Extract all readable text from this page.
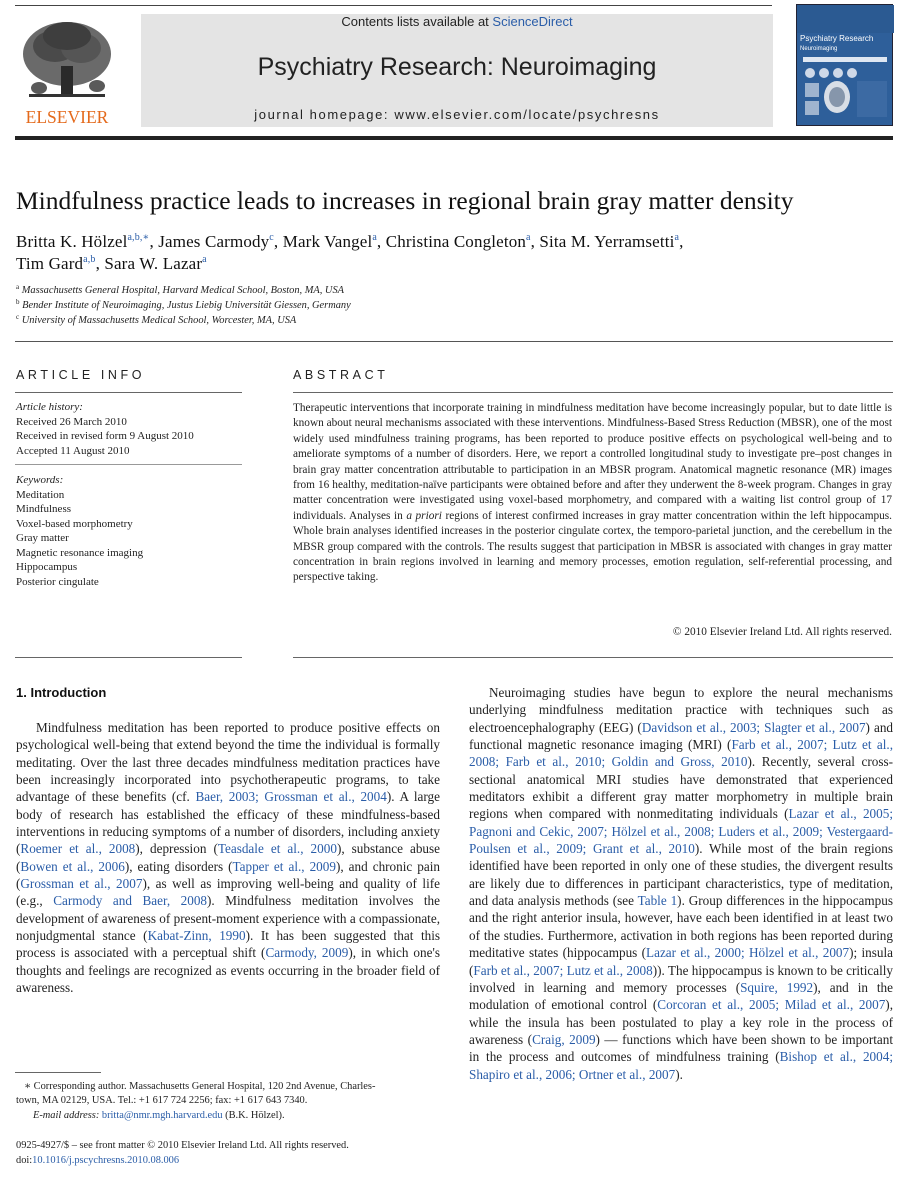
ELSEVIER
Contents lists available at ScienceDirect
Psychiatry Research: Neuroimaging
journal homepage: www.elsevier.com/locate/psychresns
Psychiatry Research
Neuroimaging
Mindfulness practice leads to increases in regional brain gray matter density
Britta K. Hölzel$^{a,b,∗}$, James Carmody$^c$, Mark Vangel$^a$, Christina Congleton$^a$, Sita M. Yerramsetti$^a$,
Tim Gard$^{a,b}$, Sara W. Lazar$^a$
$^a$ Massachusetts General Hospital, Harvard Medical School, Boston, MA, USA
$^b$ Bender Institute of Neuroimaging, Justus Liebig Universität Giessen, Germany
$^c$ University of Massachusetts Medical School, Worcester, MA, USA
ARTICLE INFO
Article history:
Received 26 March 2010
Received in revised form 9 August 2010
Accepted 11 August 2010
Keywords:
Meditation
Mindfulness
Voxel-based morphometry
Gray matter
Magnetic resonance imaging
Hippocampus
Posterior cingulate
ABSTRACT
Therapeutic interventions that incorporate training in mindfulness meditation have become increasingly popular, but to date little is known about neural mechanisms associated with these interventions. Mindfulness-Based Stress Reduction (MBSR), one of the most widely used mindfulness training programs, has been reported to produce positive effects on psychological well-being and to ameliorate symptoms of a number of disorders. Here, we report a controlled longitudinal study to investigate pre–post changes in brain gray matter concentration attributable to participation in an MBSR program. Anatomical magnetic resonance (MR) images from 16 healthy, meditation-naïve participants were obtained before and after they underwent the 8-week program. Changes in gray matter concentration were investigated using voxel-based morphometry, and compared with a waiting list control group of 17 individuals. Analyses in a priori regions of interest confirmed increases in gray matter concentration within the left hippocampus. Whole brain analyses identified increases in the posterior cingulate cortex, the temporo-parietal junction, and the cerebellum in the MBSR group compared with the controls. The results suggest that participation in MBSR is associated with changes in gray matter concentration in brain regions involved in learning and memory processes, emotion regulation, self-referential processing, and perspective taking.
© 2010 Elsevier Ireland Ltd. All rights reserved.
1. Introduction

Mindfulness meditation has been reported to produce positive effects on psychological well-being that extend beyond the time the individual is formally meditating. Over the last three decades mindfulness meditation practices have been increasingly incorporated into psychotherapeutic programs, to take advantage of these benefits (cf. Baer, 2003; Grossman et al., 2004). A large body of research has established the efficacy of these mindfulness-based interventions in reducing symptoms of a number of disorders, including anxiety (Roemer et al., 2008), depression (Teasdale et al., 2000), substance abuse (Bowen et al., 2006), eating disorders (Tapper et al., 2009), and chronic pain (Grossman et al., 2007), as well as improving well-being and quality of life (e.g., Carmody and Baer, 2008). Mindfulness meditation involves the development of awareness of present-moment experience with a compassionate, nonjudgmental stance (Kabat-Zinn, 1990). It has been suggested that this process is associated with a perceptual shift (Carmody, 2009), in which one's thoughts and feelings are recognized as events occurring in the broader field of awareness.

Neuroimaging studies have begun to explore the neural mechanisms underlying mindfulness meditation practice with techniques such as electroencephalography (EEG) (Davidson et al., 2003; Slagter et al., 2007) and functional magnetic resonance imaging (MRI) (Farb et al., 2007; Lutz et al., 2008; Farb et al., 2010; Goldin and Gross, 2010). Recently, several cross-sectional anatomical MRI studies have demonstrated that experienced meditators exhibit a different gray matter morphometry in multiple brain regions when compared with nonmeditating individuals (Lazar et al., 2005; Pagnoni and Cekic, 2007; Hölzel et al., 2008; Luders et al., 2009; Vestergaard-Poulsen et al., 2009; Grant et al., 2010). While most of the brain regions identified have been reported in only one of these studies, the divergent results are likely due to differences in participant characteristics, type of meditation, and data analysis methods (see Table 1). Group differences in the hippocampus and the right anterior insula, however, have each been identified in at least two of the studies. Furthermore, activation in both regions has been reported during meditative states (hippocampus (Lazar et al., 2000; Hölzel et al., 2007); insula (Farb et al., 2007; Lutz et al., 2008)). The hippocampus is known to be critically involved in learning and memory processes (Squire, 1992), and in the modulation of emotional control (Corcoran et al., 2005; Milad et al., 2007), while the insula has been postulated to play a key role in the process of awareness (Craig, 2009) — functions which have been shown to be important in the process and outcomes of mindfulness training (Bishop et al., 2004; Shapiro et al., 2006; Ortner et al., 2007).

∗ Corresponding author. Massachusetts General Hospital, 120 2nd Avenue, Charles-
town, MA 02129, USA. Tel.: +1 617 724 2256; fax: +1 617 643 7340.
E-mail address: britta@nmr.mgh.harvard.edu (B.K. Hölzel).
0925-4927/$ – see front matter © 2010 Elsevier Ireland Ltd. All rights reserved.
doi:10.1016/j.pscychresns.2010.08.006
